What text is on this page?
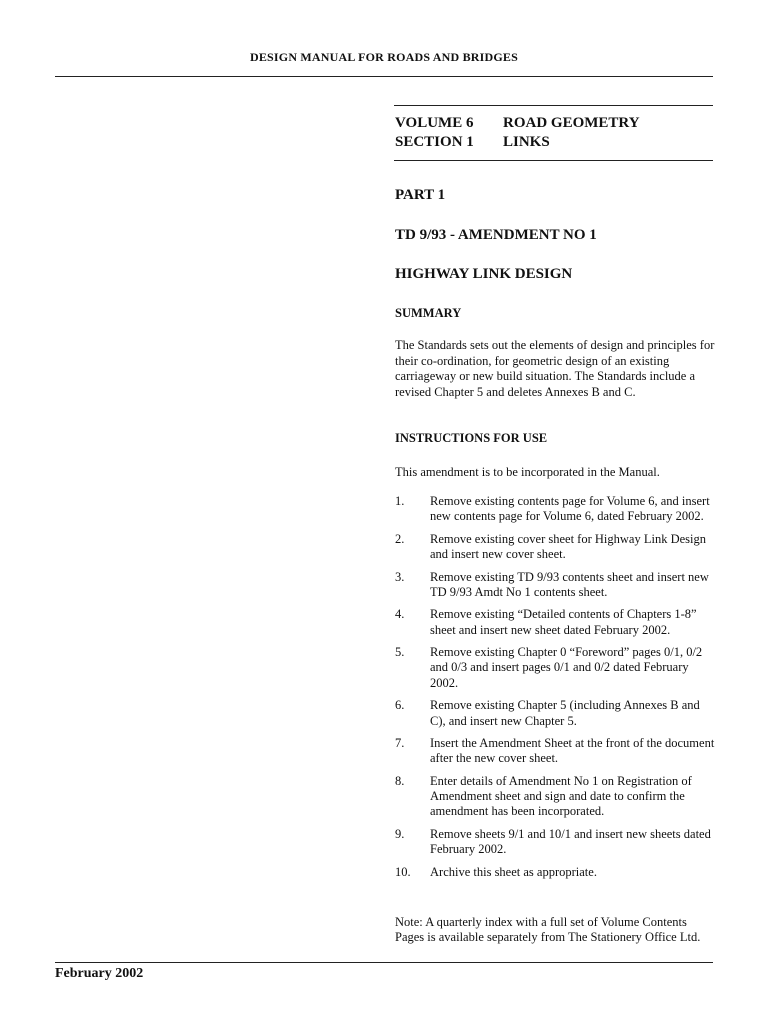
DESIGN MANUAL FOR ROADS AND BRIDGES
VOLUME 6	ROAD GEOMETRY
SECTION 1	LINKS
PART 1
TD 9/93 - AMENDMENT NO 1
HIGHWAY LINK DESIGN
SUMMARY

The Standards sets out the elements of design and principles for their co-ordination, for geometric design of an existing carriageway or new build situation. The Standards include a revised Chapter 5 and deletes Annexes B and C.

INSTRUCTIONS FOR USE

This amendment is to be incorporated in the Manual.

1.	Remove existing contents page for Volume 6, and insert new contents page for Volume 6, dated February 2002.
2.	Remove existing cover sheet for Highway Link Design and insert new cover sheet.
3.	Remove existing TD 9/93 contents sheet and insert new TD 9/93 Amdt No 1 contents sheet.
4.	Remove existing “Detailed contents of Chapters 1-8” sheet and insert new sheet dated February 2002.
5.	Remove existing Chapter 0 “Foreword” pages 0/1, 0/2 and 0/3 and insert pages 0/1 and 0/2 dated February 2002.
6.	Remove existing Chapter 5 (including Annexes B and C), and insert new Chapter 5.
7.	Insert the Amendment Sheet at the front of the document after the new cover sheet.
8.	Enter details of Amendment No 1 on Registration of Amendment sheet and sign and date to confirm the amendment has been incorporated.
9.	Remove sheets 9/1 and 10/1 and insert new sheets dated February 2002.
10.	Archive this sheet as appropriate.

Note: A quarterly index with a full set of Volume Contents Pages is available separately from The Stationery Office Ltd.

February 2002
